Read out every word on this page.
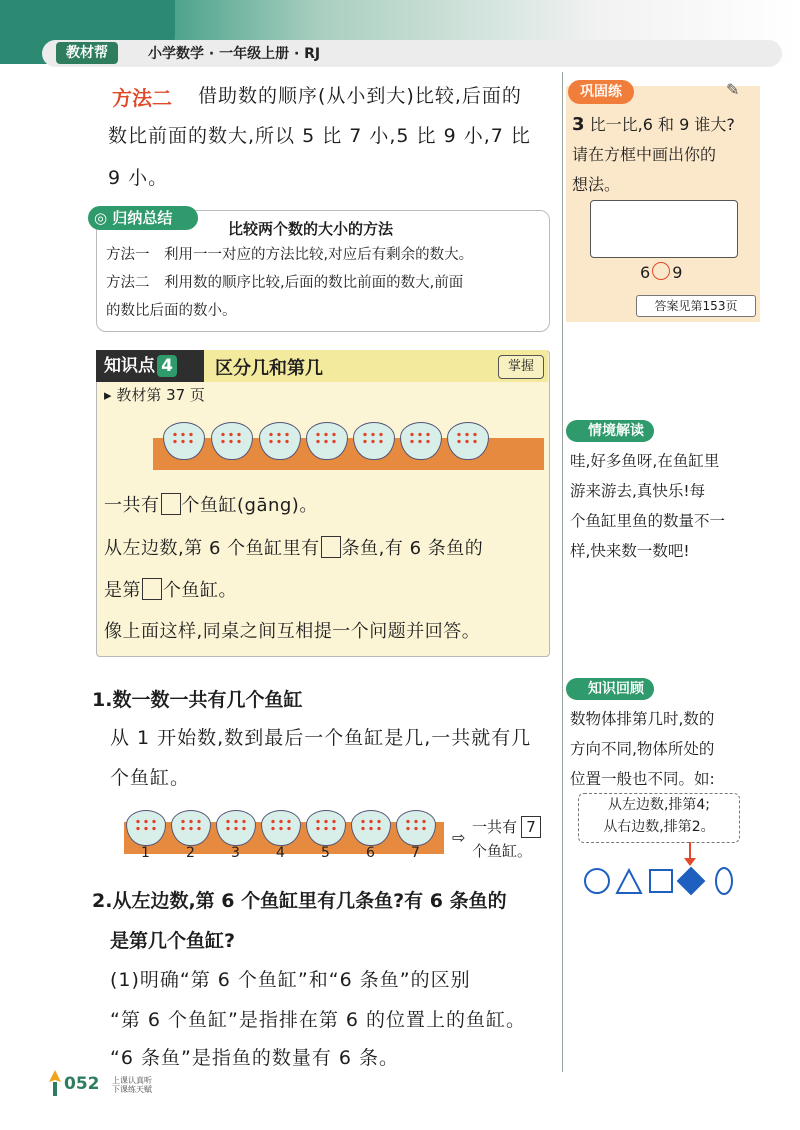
教材帮	小学数学 · 一年级上册 · RJ
方法二 借助数的顺序(从小到大)比较,后面的
数比前面的数大,所以 5 比 7 小,5 比 9 小,7 比
9 小。
◎ 归纳总结
比较两个数的大小的方法
方法一　利用一一对应的方法比较,对应后有剩余的数大。
方法二　利用数的顺序比较,后面的数比前面的数大,前面
的数比后面的数小。
知识点 4	区分几和第几	掌握
▸ 教材第 37 页
一共有 个鱼缸(gāng)。
从左边数,第 6 个鱼缸里有 条鱼,有 6 条鱼的
是第 个鱼缸。
像上面这样,同桌之间互相提一个问题并回答。
1.数一数一共有几个鱼缸
从 1 开始数,数到最后一个鱼缸是几,一共就有几
个鱼缸。
1	2	3	4	5	6	7
⇨
一共有 7
个鱼缸。
2.从左边数,第 6 个鱼缸里有几条鱼?有 6 条鱼的
是第几个鱼缸?
(1)明确“第 6 个鱼缸”和“6 条鱼”的区别
“第 6 个鱼缸”是指排在第 6 的位置上的鱼缸。
“6 条鱼”是指鱼的数量有 6 条。
巩固练	✎
3 比一比,6 和 9 谁大?
请在方框中画出你的
想法。
6 9
答案见第153页
情境解读
哇,好多鱼呀,在鱼缸里
游来游去,真快乐!每
个鱼缸里鱼的数量不一
样,快来数一数吧!
知识回顾
数物体排第几时,数的
方向不同,物体所处的
位置一般也不同。如:
从左边数,排第4;
从右边数,排第2。
052 上课认真听
下课练天赋
